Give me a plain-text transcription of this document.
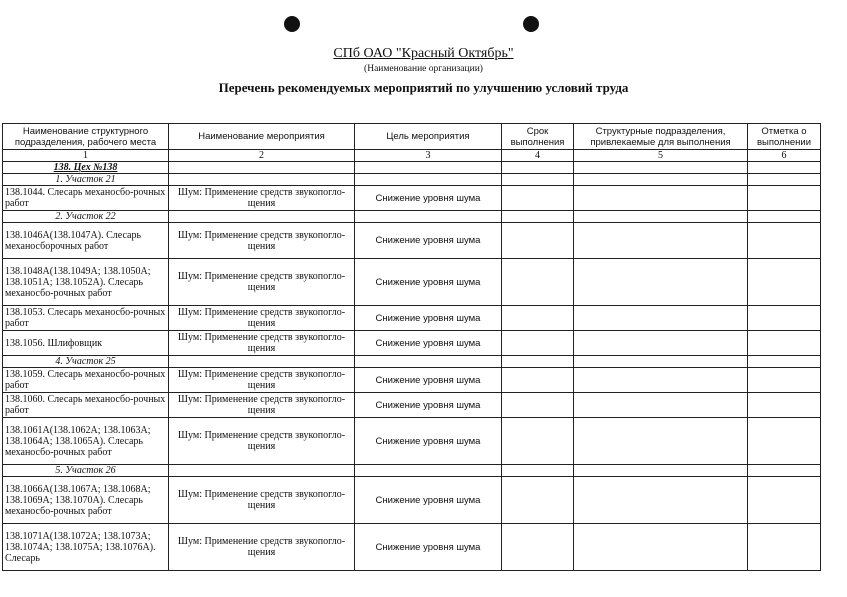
СПб ОАО "Красный Октябрь"
(Наименование организации)
Перечень рекомендуемых мероприятий по улучшению условий труда
Наименование структурного подразделения, рабочего места	Наименование мероприятия	Цель мероприятия	Срок выполнения	Структурные подразделения, привлекаемые для выполнения	Отметка о выполнении
1	2	3	4	5	6
138. Цех №138					
1. Участок 21					
138.1044. Слесарь механосбо-рочных работ	Шум: Применение средств звукопогло-щения	Снижение уровня шума			
2. Участок 22					
138.1046А(138.1047А). Слесарь механосборочных работ	Шум: Применение средств звукопогло-щения	Снижение уровня шума			
138.1048А(138.1049А; 138.1050А; 138.1051А; 138.1052А). Слесарь механосбо-рочных работ	Шум: Применение средств звукопогло-щения	Снижение уровня шума			
138.1053. Слесарь механосбо-рочных работ	Шум: Применение средств звукопогло-щения	Снижение уровня шума			
138.1056. Шлифовщик	Шум: Применение средств звукопогло-щения	Снижение уровня шума			
4. Участок 25					
138.1059. Слесарь механосбо-рочных работ	Шум: Применение средств звукопогло-щения	Снижение уровня шума			
138.1060. Слесарь механосбо-рочных работ	Шум: Применение средств звукопогло-щения	Снижение уровня шума			
138.1061А(138.1062А; 138.1063А; 138.1064А; 138.1065А). Слесарь механосбо-рочных работ	Шум: Применение средств звукопогло-щения	Снижение уровня шума			
5. Участок 26					
138.1066А(138.1067А; 138.1068А; 138.1069А; 138.1070А). Слесарь механосбо-рочных работ	Шум: Применение средств звукопогло-щения	Снижение уровня шума			
138.1071А(138.1072А; 138.1073А; 138.1074А; 138.1075А; 138.1076А). Слесарь	Шум: Применение средств звукопогло-щения	Снижение уровня шума			
